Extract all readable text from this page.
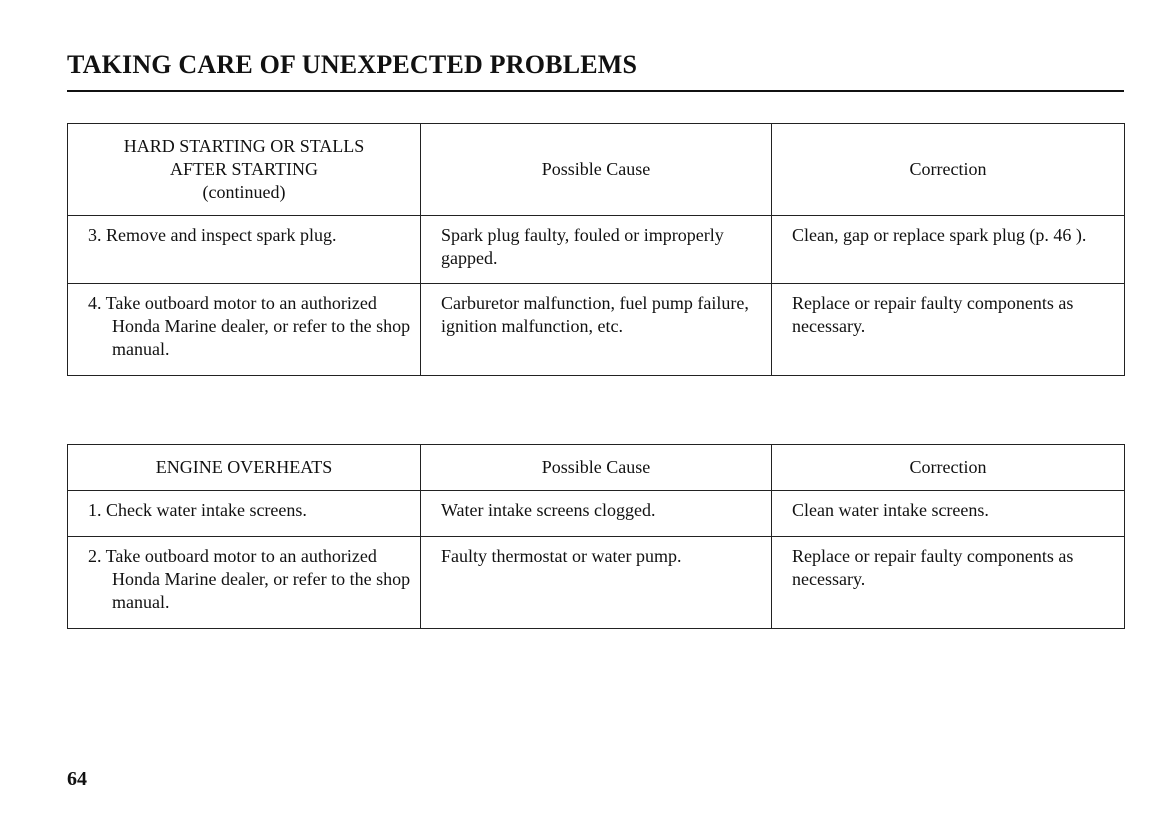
TAKING CARE OF UNEXPECTED PROBLEMS
HARD STARTING OR STALLS
AFTER STARTING
(continued)	Possible Cause	Correction

3. Remove and inspect spark plug.	Spark plug faulty, fouled or improperly gapped.	Clean, gap or replace spark plug (p. 46 ).

4. Take outboard motor to an authorized Honda Marine dealer, or refer to the shop manual.	Carburetor malfunction, fuel pump failure, ignition malfunction, etc.	Replace or repair faulty components as necessary.
ENGINE OVERHEATS	Possible Cause	Correction

1. Check water intake screens.	Water intake screens clogged.	Clean water intake screens.

2. Take outboard motor to an authorized Honda Marine dealer, or refer to the shop manual.	Faulty thermostat or water pump.	Replace or repair faulty components as necessary.
64
